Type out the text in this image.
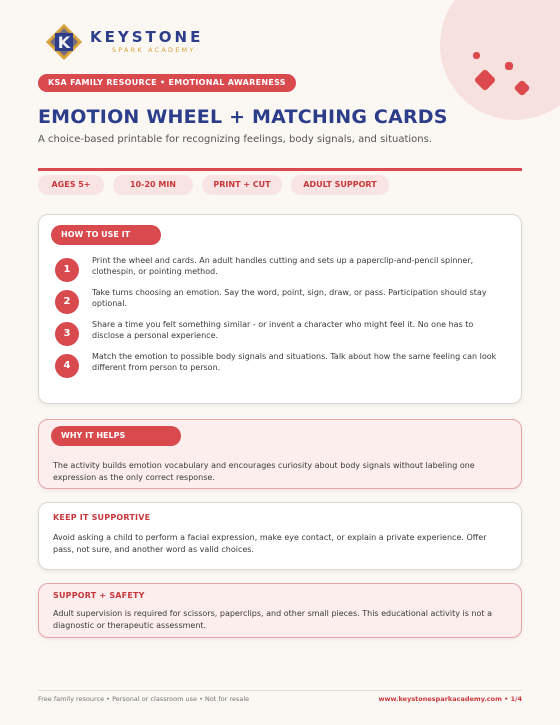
K KEYSTONE
SPARK ACADEMY
KSA FAMILY RESOURCE • EMOTIONAL AWARENESS
EMOTION WHEEL + MATCHING CARDS
A choice-based printable for recognizing feelings, body signals, and situations.
AGES 5+	10-20 MIN	PRINT + CUT	ADULT SUPPORT
HOW TO USE IT
1
Print the wheel and cards. An adult handles cutting and sets up a paperclip-and-pencil spinner, clothespin, or pointing method.
2
Take turns choosing an emotion. Say the word, point, sign, draw, or pass. Participation should stay optional.
3
Share a time you felt something similar - or invent a character who might feel it. No one has to disclose a personal experience.
4
Match the emotion to possible body signals and situations. Talk about how the same feeling can look different from person to person.
WHY IT HELPS
The activity builds emotion vocabulary and encourages curiosity about body signals without labeling one expression as the only correct response.
KEEP IT SUPPORTIVE
Avoid asking a child to perform a facial expression, make eye contact, or explain a private experience. Offer pass, not sure, and another word as valid choices.
SUPPORT + SAFETY
Adult supervision is required for scissors, paperclips, and other small pieces. This educational activity is not a diagnostic or therapeutic assessment.
Free family resource • Personal or classroom use • Not for resale	www.keystonesparkacademy.com • 1/4
